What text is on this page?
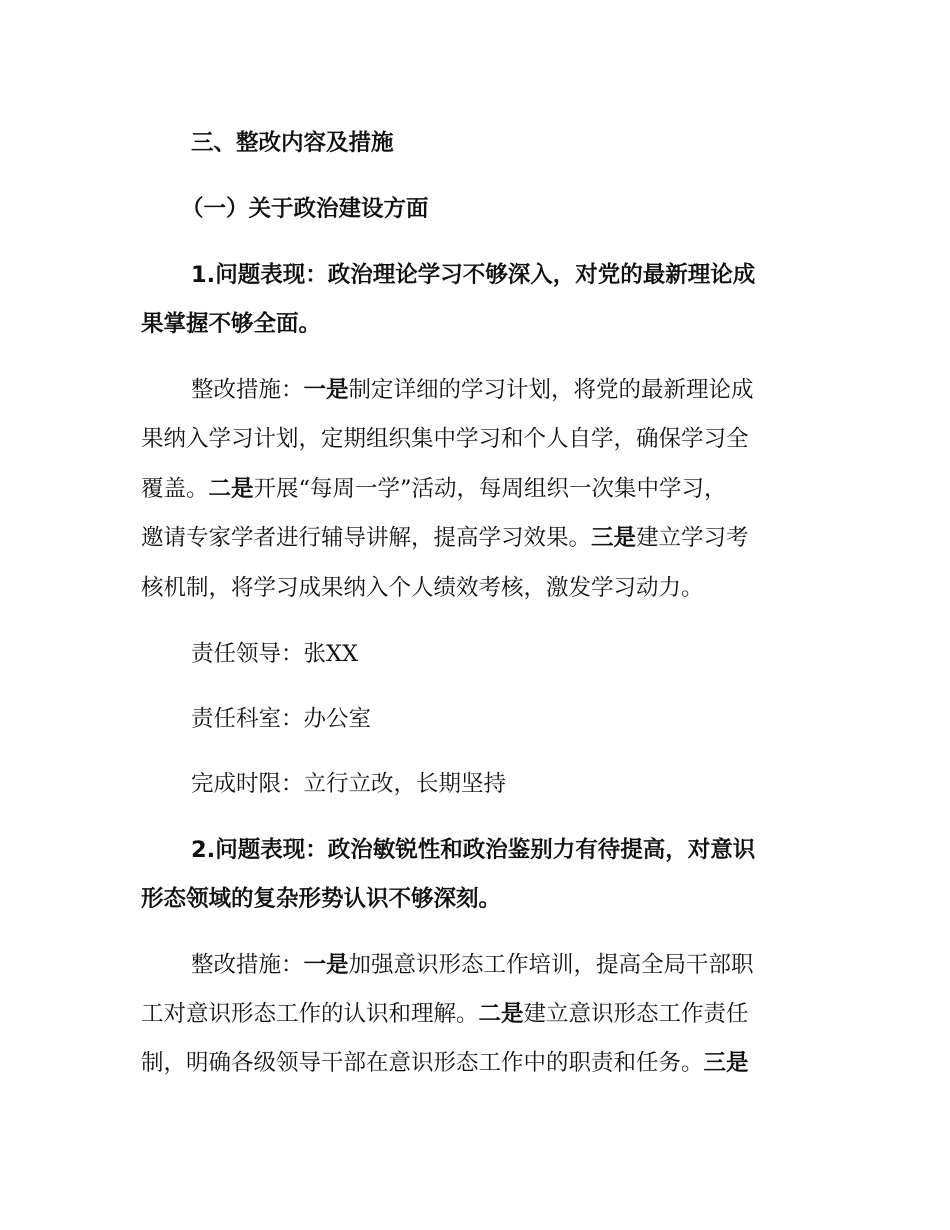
三、整改内容及措施
（一）关于政治建设方面
1.问题表现：政治理论学习不够深入，对党的最新理论成
果掌握不够全面。
整改措施：一是制定详细的学习计划，将党的最新理论成
果纳入学习计划，定期组织集中学习和个人自学，确保学习全
覆盖。二是开展“每周一学”活动，每周组织一次集中学习，
邀请专家学者进行辅导讲解，提高学习效果。三是建立学习考
核机制，将学习成果纳入个人绩效考核，激发学习动力。
责任领导：张XX
责任科室：办公室
完成时限：立行立改，长期坚持
2.问题表现：政治敏锐性和政治鉴别力有待提高，对意识
形态领域的复杂形势认识不够深刻。
整改措施：一是加强意识形态工作培训，提高全局干部职
工对意识形态工作的认识和理解。二是建立意识形态工作责任
制，明确各级领导干部在意识形态工作中的职责和任务。三是
